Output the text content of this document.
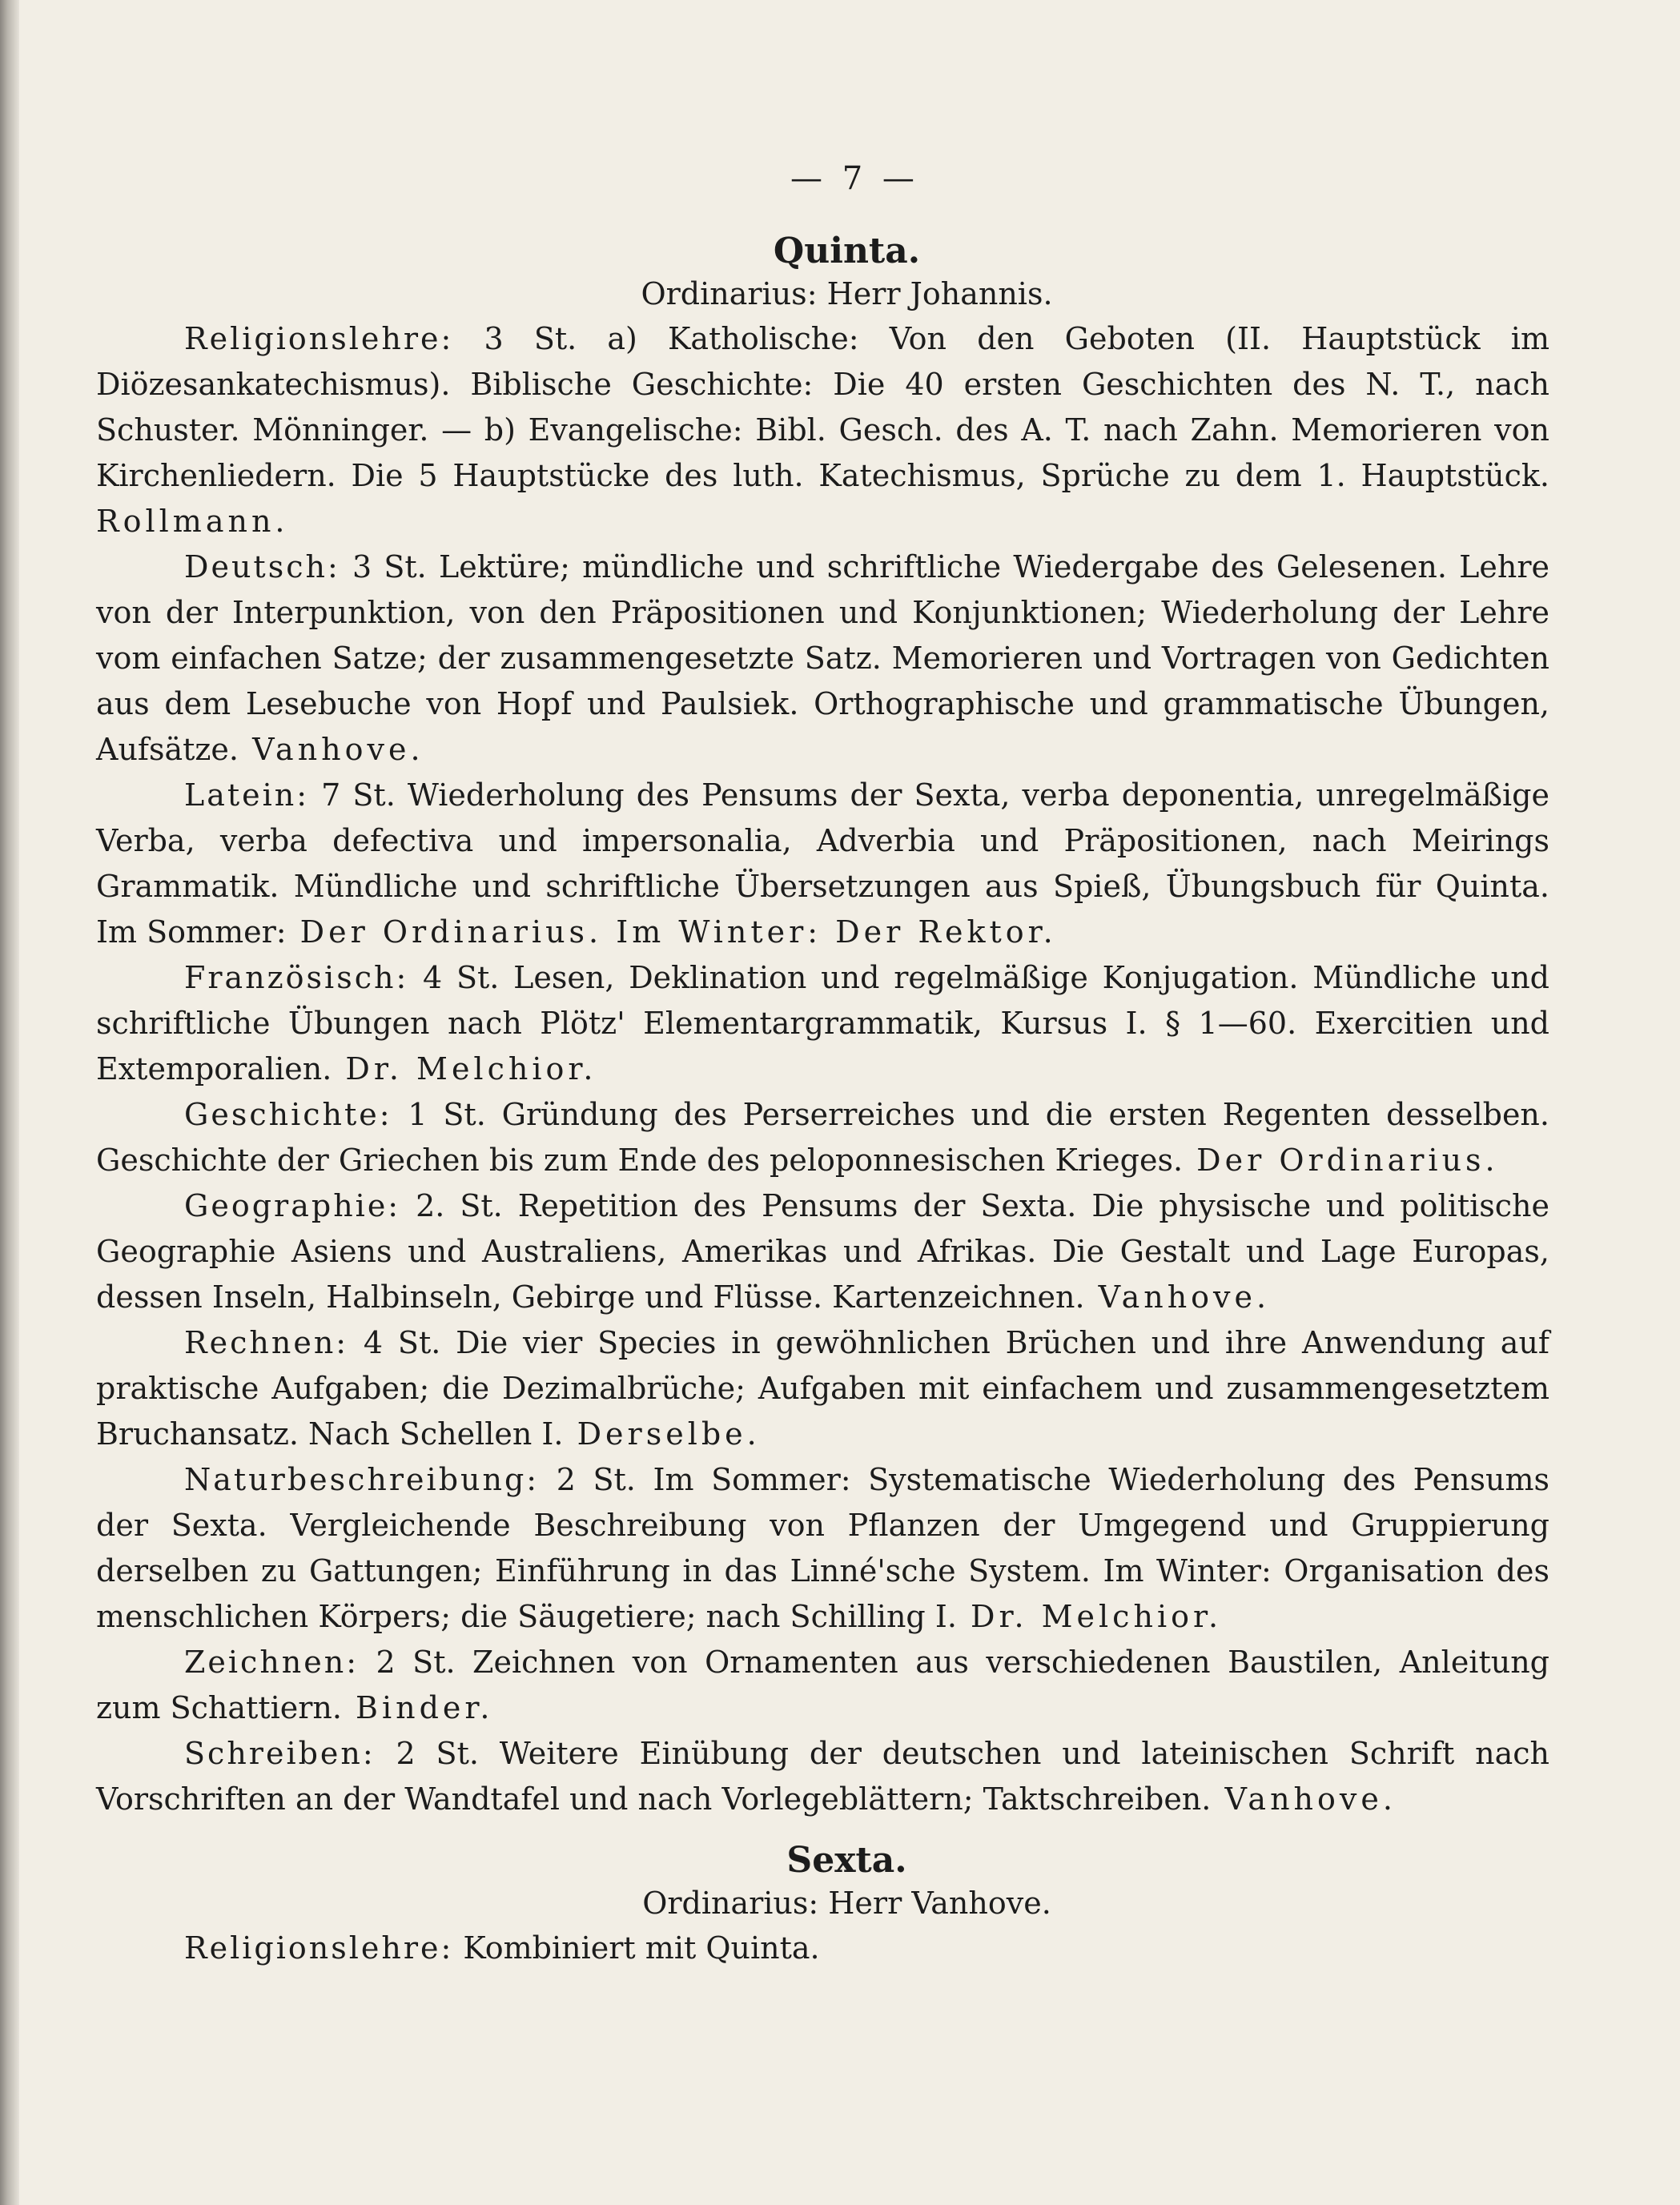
— 7 —
Quinta.
Ordinarius: Herr Johannis.

Religionslehre: 3 St. a) Katholische: Von den Geboten (II. Hauptstück im Diözesankatechismus). Biblische Geschichte: Die 40 ersten Geschichten des N. T., nach Schuster. Mönninger. — b) Evangelische: Bibl. Gesch. des A. T. nach Zahn. Memorieren von Kirchenliedern. Die 5 Hauptstücke des luth. Katechismus, Sprüche zu dem 1. Hauptstück. Rollmann.

Deutsch: 3 St. Lektüre; mündliche und schriftliche Wiedergabe des Gelesenen. Lehre von der Interpunktion, von den Präpositionen und Konjunktionen; Wiederholung der Lehre vom einfachen Satze; der zusammengesetzte Satz. Memorieren und Vortragen von Gedichten aus dem Lesebuche von Hopf und Paulsiek. Orthographische und grammatische Übungen, Aufsätze. Vanhove.

Latein: 7 St. Wiederholung des Pensums der Sexta, verba deponentia, unregelmäßige Verba, verba defectiva und impersonalia, Adverbia und Präpositionen, nach Meirings Grammatik. Mündliche und schriftliche Übersetzungen aus Spieß, Übungsbuch für Quinta. Im Sommer: Der Ordinarius. Im Winter: Der Rektor.

Französisch: 4 St. Lesen, Deklination und regelmäßige Konjugation. Mündliche und schriftliche Übungen nach Plötz' Elementargrammatik, Kursus I. § 1—60. Exercitien und Extemporalien. Dr. Melchior.

Geschichte: 1 St. Gründung des Perserreiches und die ersten Regenten desselben. Geschichte der Griechen bis zum Ende des peloponnesischen Krieges. Der Ordinarius.

Geographie: 2. St. Repetition des Pensums der Sexta. Die physische und politische Geographie Asiens und Australiens, Amerikas und Afrikas. Die Gestalt und Lage Europas, dessen Inseln, Halbinseln, Gebirge und Flüsse. Kartenzeichnen. Vanhove.

Rechnen: 4 St. Die vier Species in gewöhnlichen Brüchen und ihre Anwendung auf praktische Aufgaben; die Dezimalbrüche; Aufgaben mit einfachem und zusammengesetztem Bruchansatz. Nach Schellen I. Derselbe.

Naturbeschreibung: 2 St. Im Sommer: Systematische Wiederholung des Pensums der Sexta. Vergleichende Beschreibung von Pflanzen der Umgegend und Gruppierung derselben zu Gattungen; Einführung in das Linné'sche System. Im Winter: Organisation des menschlichen Körpers; die Säugetiere; nach Schilling I. Dr. Melchior.

Zeichnen: 2 St. Zeichnen von Ornamenten aus verschiedenen Baustilen, Anleitung zum Schattiern. Binder.

Schreiben: 2 St. Weitere Einübung der deutschen und lateinischen Schrift nach Vorschriften an der Wandtafel und nach Vorlegeblättern; Taktschreiben. Vanhove.

Sexta.
Ordinarius: Herr Vanhove.

Religionslehre: Kombiniert mit Quinta.
